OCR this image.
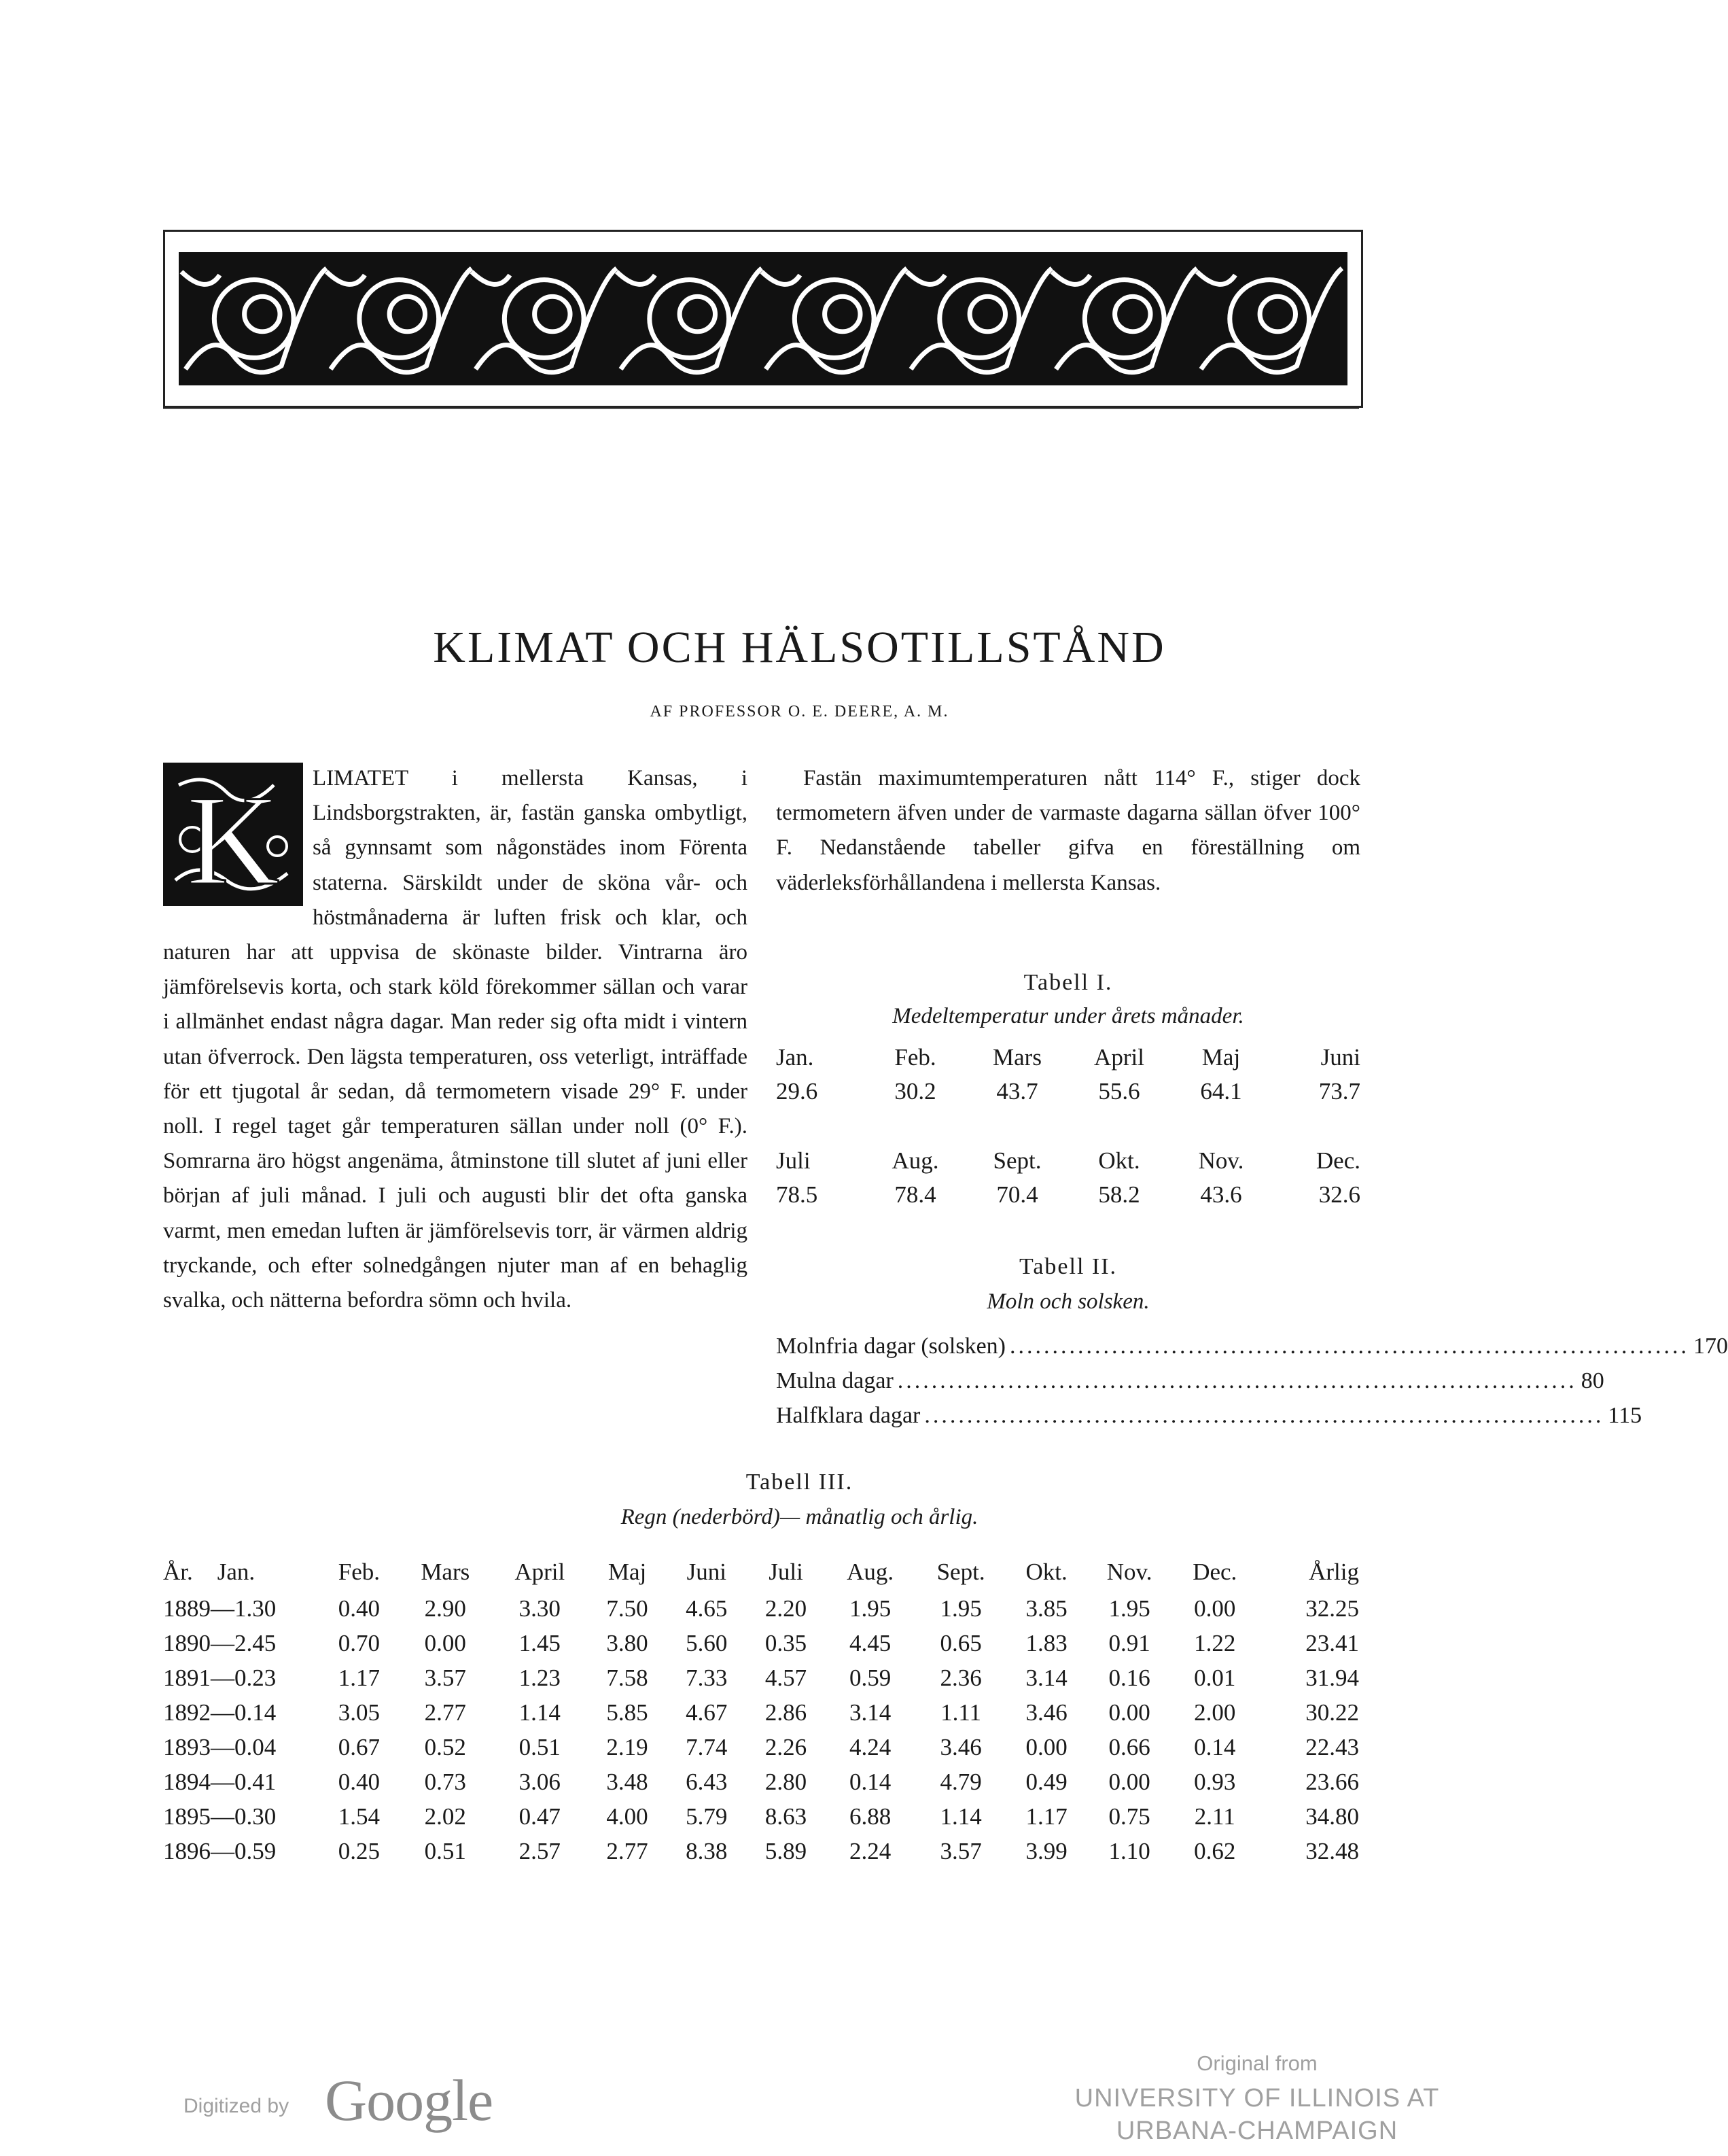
KLIMAT OCH HÄLSOTILLSTÅND
AF PROFESSOR O. E. DEERE, A. M.
K	LIMATET i mellersta Kansas, i Lindsborgstrakten, är, fastän ganska ombytligt, så gynnsamt som någonstädes inom Förenta staterna. Särskildt under de sköna vår- och höstmånaderna är luften frisk och klar, och naturen har att uppvisa de skönaste bilder. Vintrarna äro jämförelsevis korta, och stark köld förekommer sällan och varar i allmänhet endast några dagar. Man reder sig ofta midt i vintern utan öfverrock. Den lägsta temperaturen, oss veterligt, inträffade för ett tjugotal år sedan, då termometern visade 29° F. under noll. I regel taget går temperaturen sällan under noll (0° F.). Somrarna äro högst angenäma, åtminstone till slutet af juni eller början af juli månad. I juli och augusti blir det ofta ganska varmt, men emedan luften är jämförelsevis torr, är värmen aldrig tryckande, och efter solnedgången njuter man af en behaglig svalka, och nätterna befordra sömn och hvila.

Fastän maximumtemperaturen nått 114° F., stiger dock termometern äfven under de varmaste dagarna sällan öfver 100° F. Nedanstående tabeller gifva en föreställning om väderleksförhållandena i mellersta Kansas.

Tabell I.
Medeltemperatur under årets månader.
Jan.	Feb.	Mars	April	Maj	Juni
29.6	30.2	43.7	55.6	64.1	73.7
Juli	Aug.	Sept.	Okt.	Nov.	Dec.
78.5	78.4	70.4	58.2	43.6	32.6
Tabell II.
Moln och solsken.
Molnfria dagar (solsken) ................................................................................ 170
Mulna dagar ................................................................................ 80
Halfklara dagar ................................................................................ 115
Tabell III.
Regn (nederbörd)— månatlig och årlig.
År. Jan.	Feb.	Mars	April	Maj	Juni	Juli	Aug.	Sept.	Okt.	Nov.	Dec.	Årlig
1889—1.30	0.40	2.90	3.30	7.50	4.65	2.20	1.95	1.95	3.85	1.95	0.00	32.25
1890—2.45	0.70	0.00	1.45	3.80	5.60	0.35	4.45	0.65	1.83	0.91	1.22	23.41
1891—0.23	1.17	3.57	1.23	7.58	7.33	4.57	0.59	2.36	3.14	0.16	0.01	31.94
1892—0.14	3.05	2.77	1.14	5.85	4.67	2.86	3.14	1.11	3.46	0.00	2.00	30.22
1893—0.04	0.67	0.52	0.51	2.19	7.74	2.26	4.24	3.46	0.00	0.66	0.14	22.43
1894—0.41	0.40	0.73	3.06	3.48	6.43	2.80	0.14	4.79	0.49	0.00	0.93	23.66
1895—0.30	1.54	2.02	0.47	4.00	5.79	8.63	6.88	1.14	1.17	0.75	2.11	34.80
1896—0.59	0.25	0.51	2.57	2.77	8.38	5.89	2.24	3.57	3.99	1.10	0.62	32.48
Digitized by Google
Original from
UNIVERSITY OF ILLINOIS AT
URBANA-CHAMPAIGN
